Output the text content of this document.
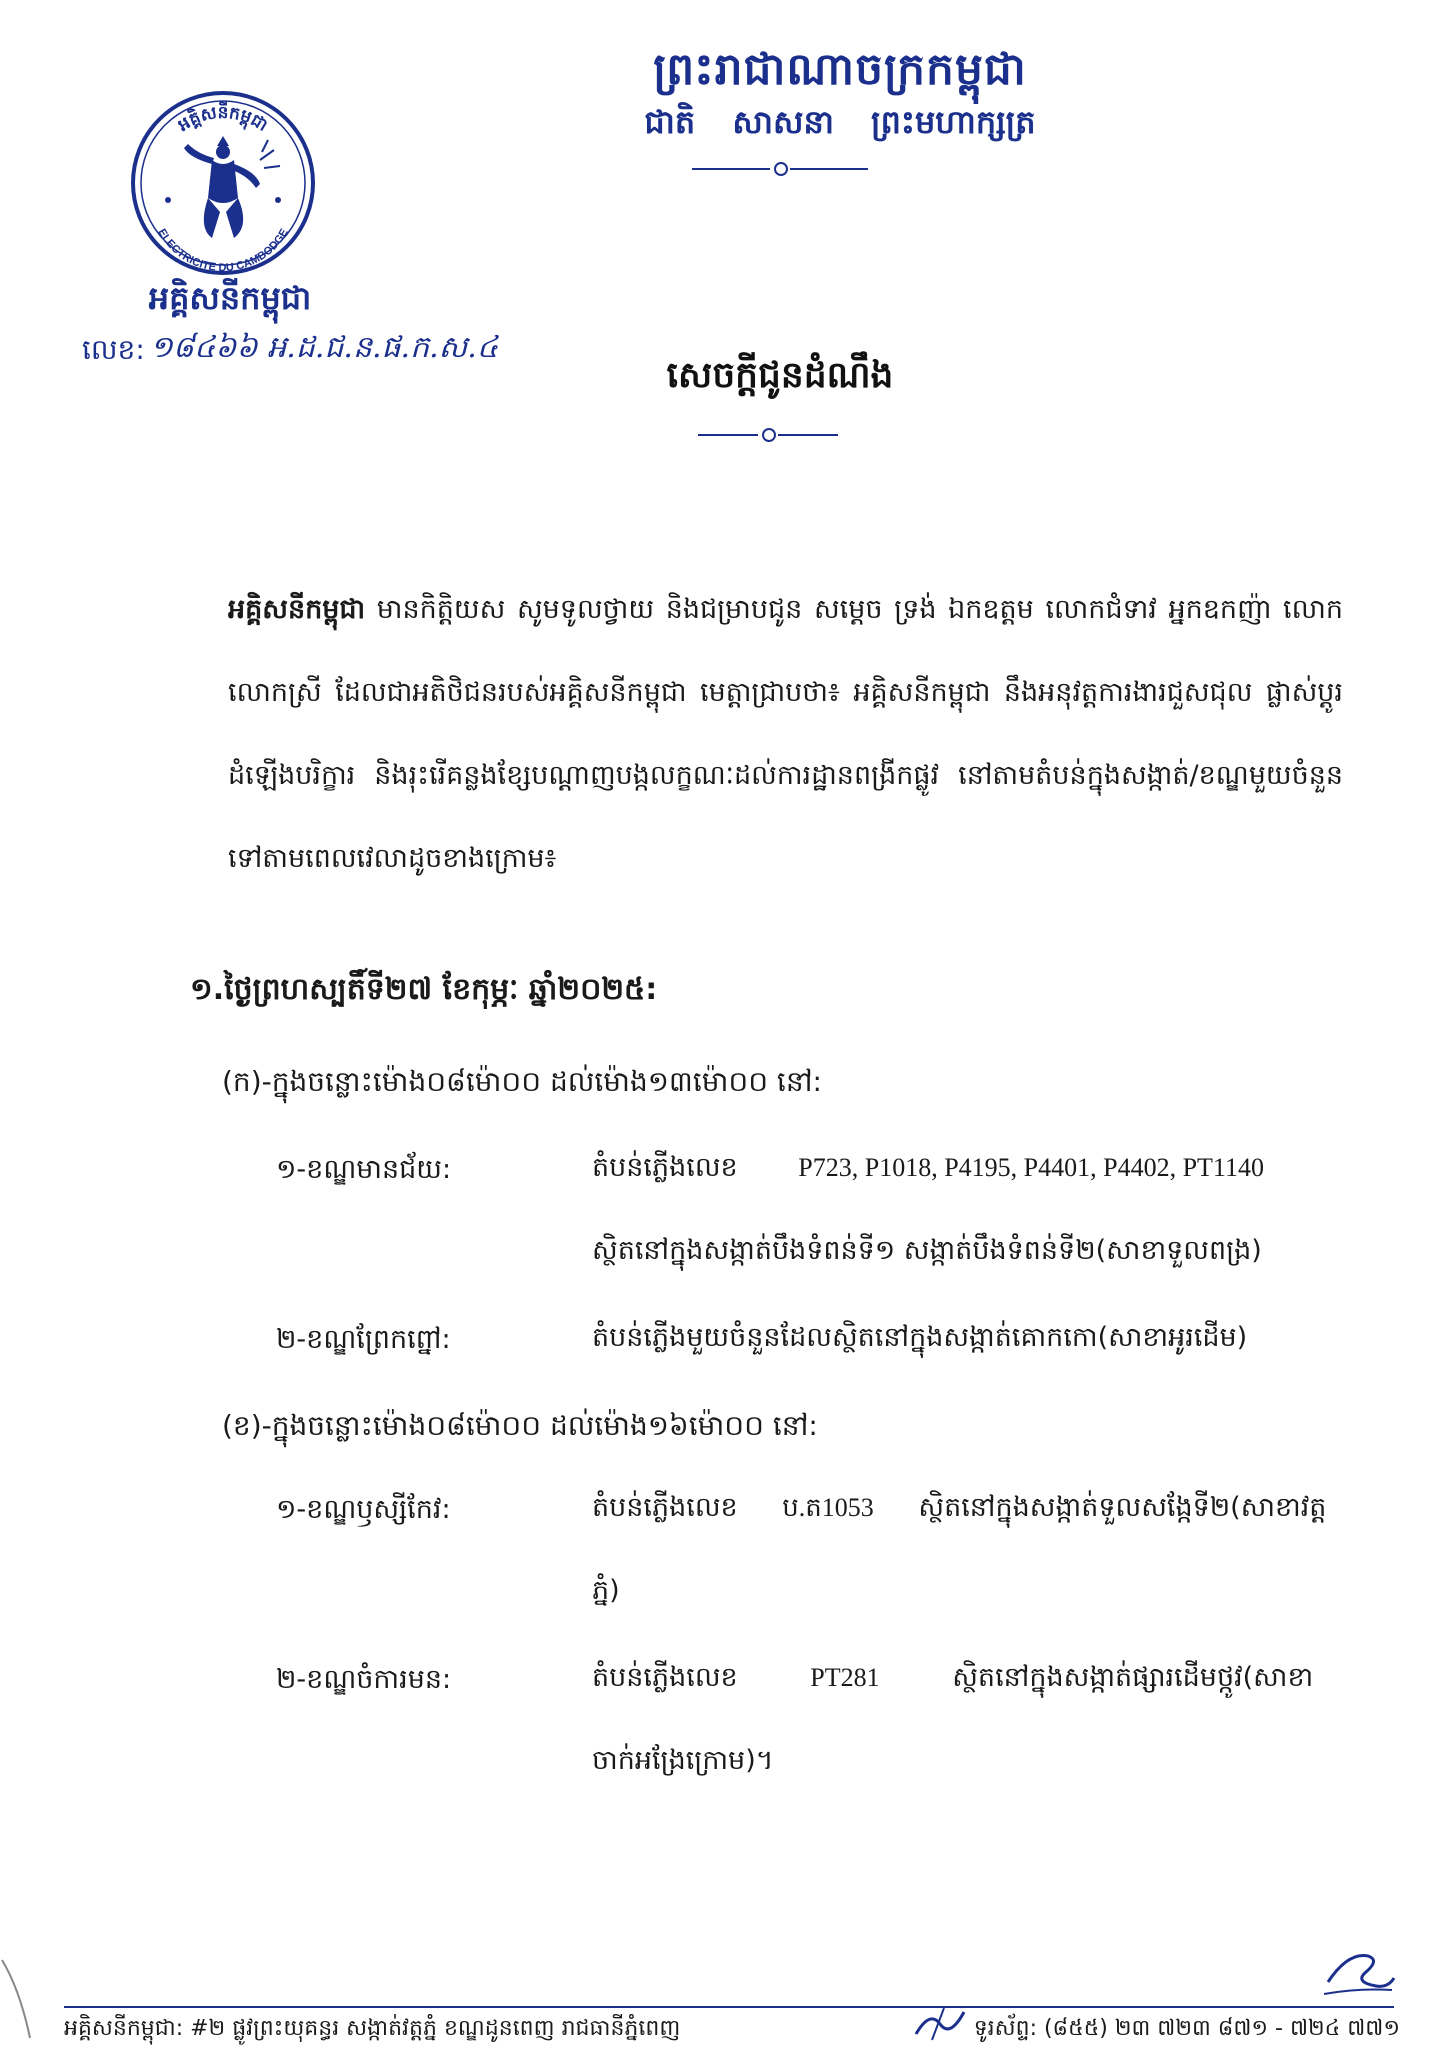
ព្រះរាជាណាចក្រកម្ពុជា
ជាតិ សាសនា ព្រះមហាក្សត្រ
អគ្គិសនីកម្ពុជា
ELECTRICITE DU CAMBODGE
អគ្គិសនីកម្ពុជា
លេខ: ១៨៤៦៦ អ.ដ.ជ.ន.ផ.ក.ស.៤
សេចក្តីជូនដំណឹង
អគ្គិសនីកម្ពុជា មានកិត្តិយស សូមទូលថ្វាយ និងជម្រាបជូន សម្តេច ទ្រង់ ឯកឧត្តម លោកជំទាវ អ្នកឧកញ៉ា លោក លោកស្រី ដែលជាអតិថិជនរបស់អគ្គិសនីកម្ពុជា មេត្តាជ្រាបថា៖ អគ្គិសនីកម្ពុជា នឹងអនុវត្តការងារជួសជុល ផ្លាស់ប្តូរដំឡើងបរិក្ខារ និងរុះរើគន្លងខ្សែបណ្តាញបង្កលក្ខណៈដល់ការដ្ឋានពង្រីកផ្លូវ នៅតាមតំបន់ក្នុងសង្កាត់/ខណ្ឌមួយចំនួនទៅតាមពេលវេលាដូចខាងក្រោម៖
១.ថ្ងៃព្រហស្បតិ៍ទី២៧ ខែកុម្ភៈ ឆ្នាំ២០២៥:
(ក)-ក្នុងចន្លោះម៉ោង០៨ម៉ោ០០ ដល់ម៉ោង១៣ម៉ោ០០ នៅ:
១-ខណ្ឌមានជ័យ:	តំបន់ភ្លើងលេខ P723, P1018, P4195, P4401, P4402, PT1140
ស្ថិតនៅក្នុងសង្កាត់បឹងទំពន់ទី១ សង្កាត់បឹងទំពន់ទី២(សាខាទួលពង្រ)
២-ខណ្ឌព្រែកព្នៅ:	តំបន់ភ្លើងមួយចំនួនដែលស្ថិតនៅក្នុងសង្កាត់គោកកោ(សាខាអូរដើម)
(ខ)-ក្នុងចន្លោះម៉ោង០៨ម៉ោ០០ ដល់ម៉ោង១៦ម៉ោ០០ នៅ:
១-ខណ្ឌឫស្សីកែវ:	តំបន់ភ្លើងលេខ ប.ត1053 ស្ថិតនៅក្នុងសង្កាត់ទួលសង្កែទី២(សាខាវត្តភ្នំ)
២-ខណ្ឌចំការមន:	តំបន់ភ្លើងលេខ	PT281	ស្ថិតនៅក្នុងសង្កាត់ផ្សារដើមថ្កូវ(សាខាចាក់អង្រែក្រោម)។
អគ្គិសនីកម្ពុជា: #២ ផ្លូវព្រះយុគន្ធរ សង្កាត់វត្តភ្នំ ខណ្ឌដូនពេញ រាជធានីភ្នំពេញ	ទូរស័ព្ទ: (៨៥៥) ២៣ ៧២៣ ៨៧១ - ៧២៤ ៧៧១
